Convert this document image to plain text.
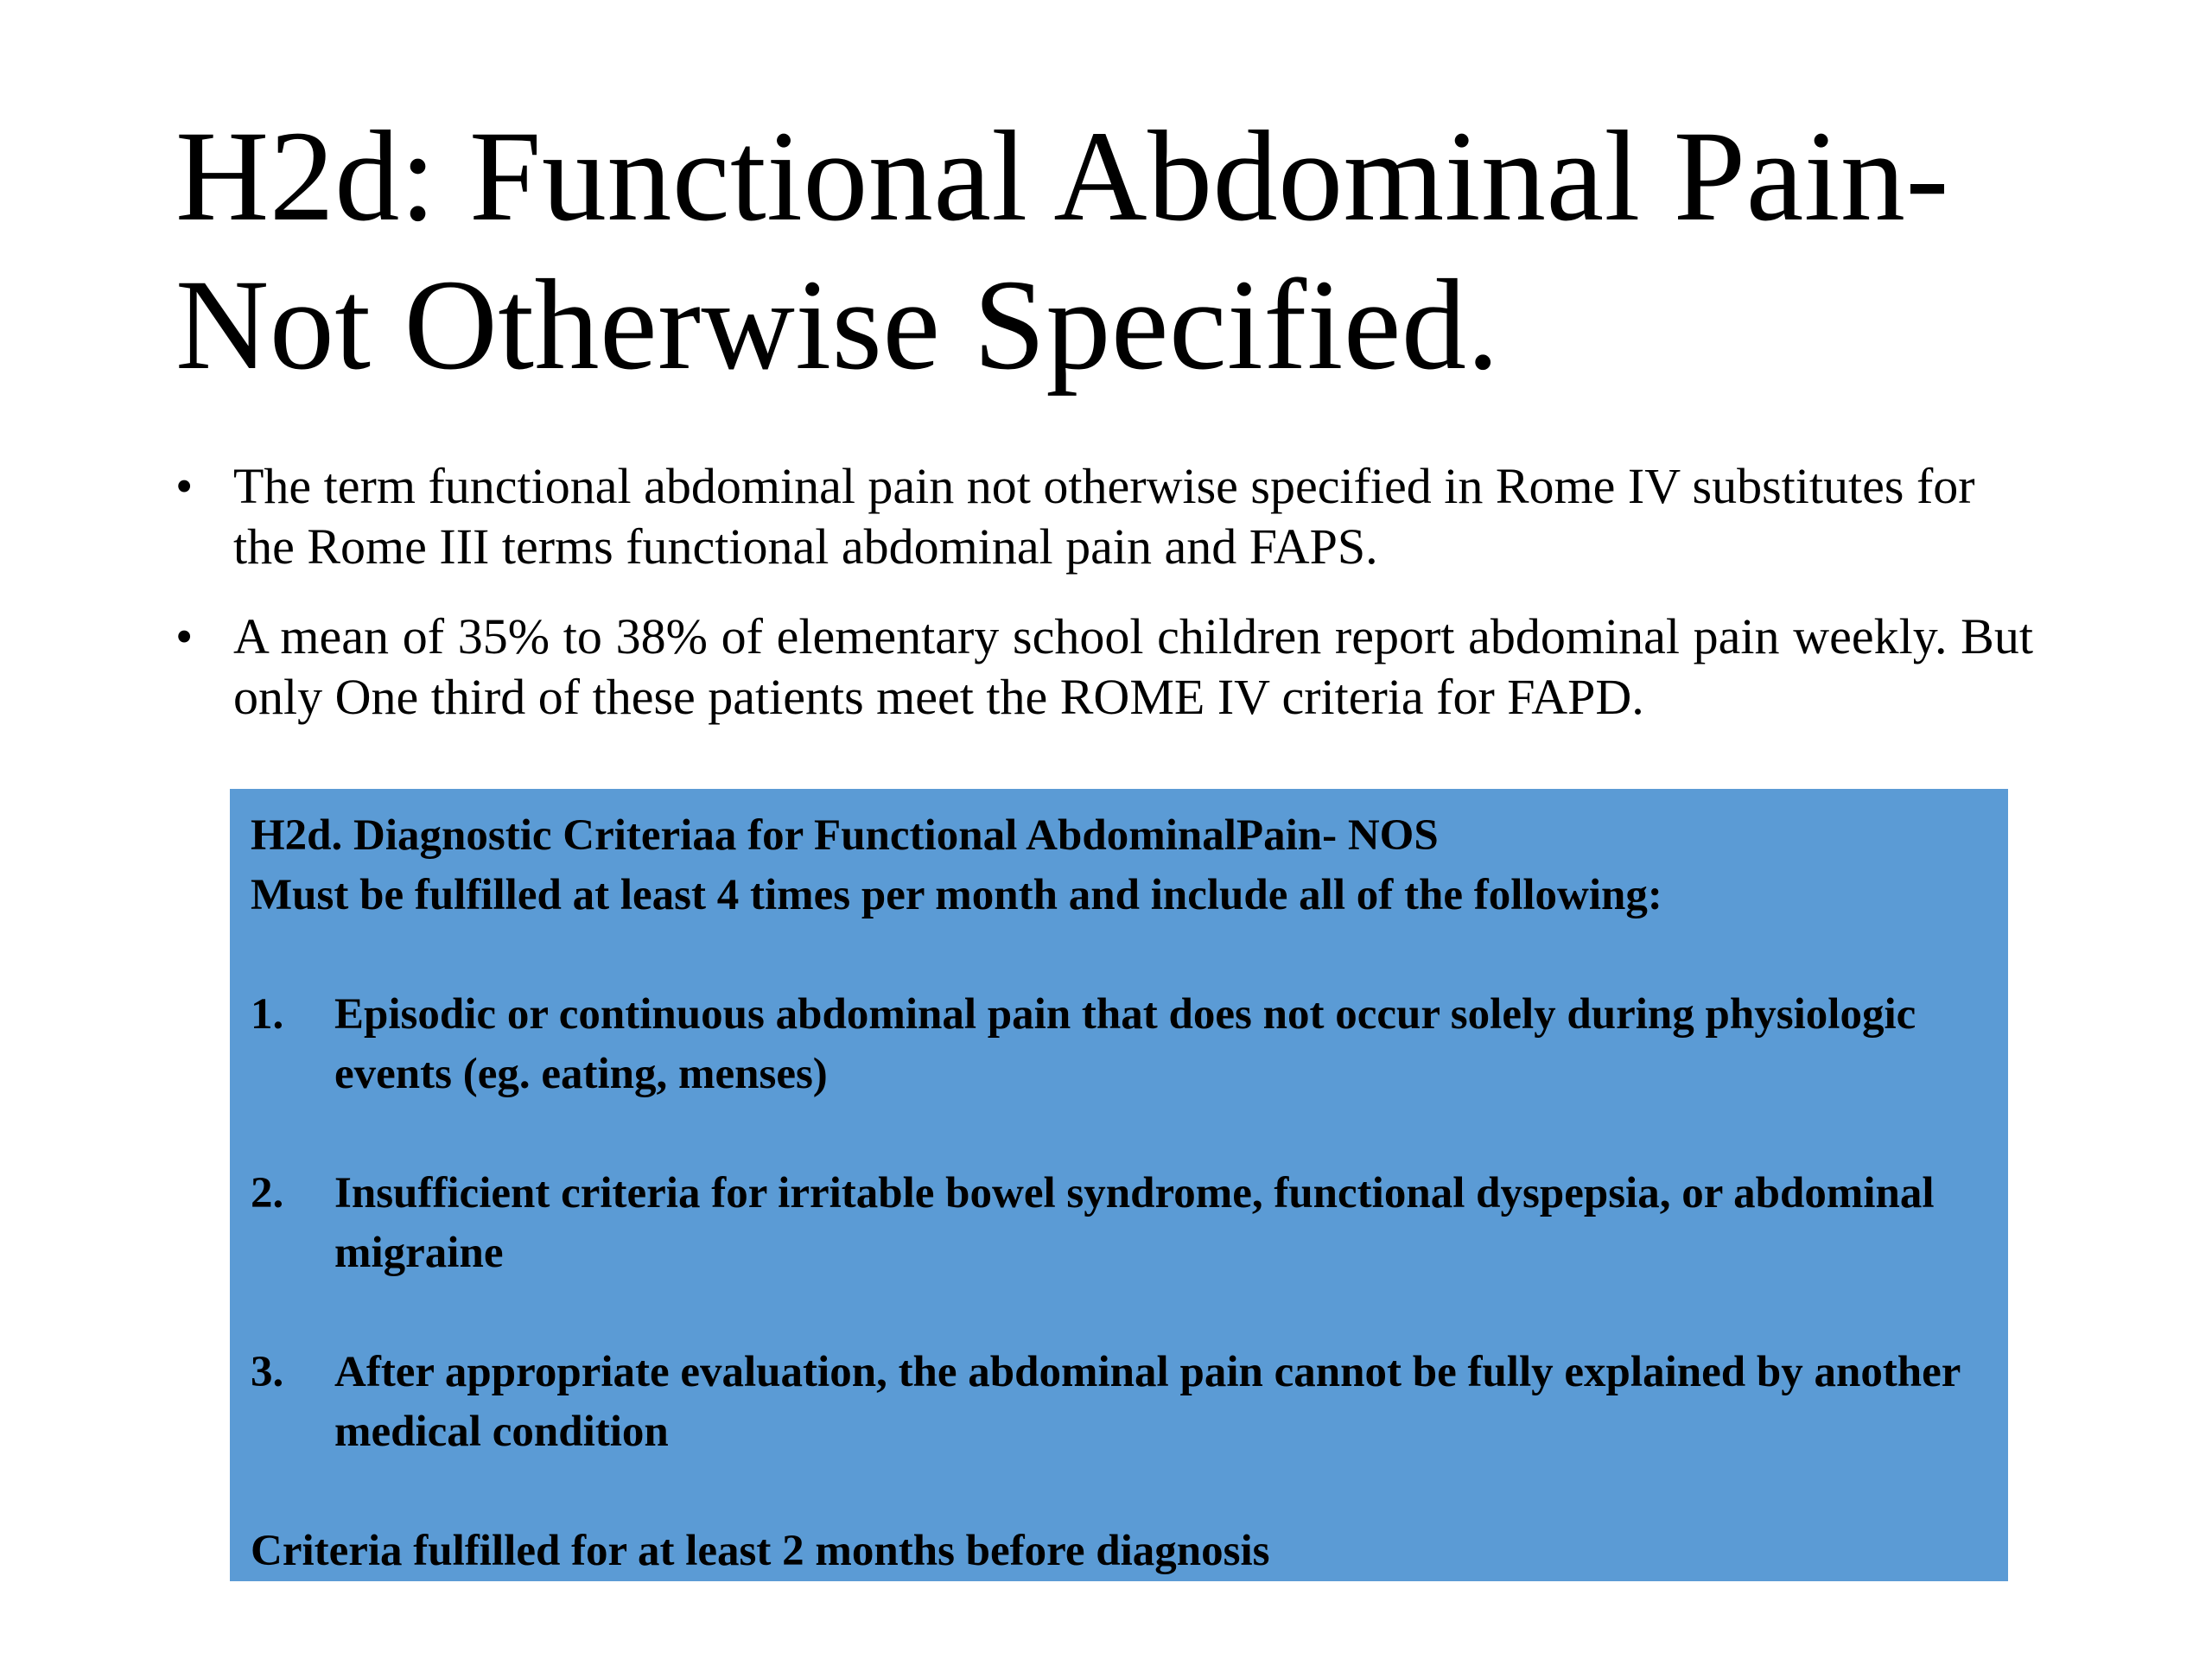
H2d: Functional Abdominal Pain-
Not Otherwise Specified.
• The term functional abdominal pain not otherwise specified in Rome IV substitutes for the Rome III terms functional abdominal pain and FAPS.
• A mean of 35% to 38% of elementary school children report abdominal pain weekly. But only One third of these patients meet the ROME IV criteria for FAPD.

H2d. Diagnostic Criteriaa for Functional AbdominalPain- NOS

Must be fulfilled at least 4 times per month and include all of the following:

1. Episodic or continuous abdominal pain that does not occur solely during physiologic events (eg. eating, menses)
2. Insufficient criteria for irritable bowel syndrome, functional dyspepsia, or abdominal migraine
3. After appropriate evaluation, the abdominal pain cannot be fully explained by another medical condition

Criteria fulfilled for at least 2 months before diagnosis
